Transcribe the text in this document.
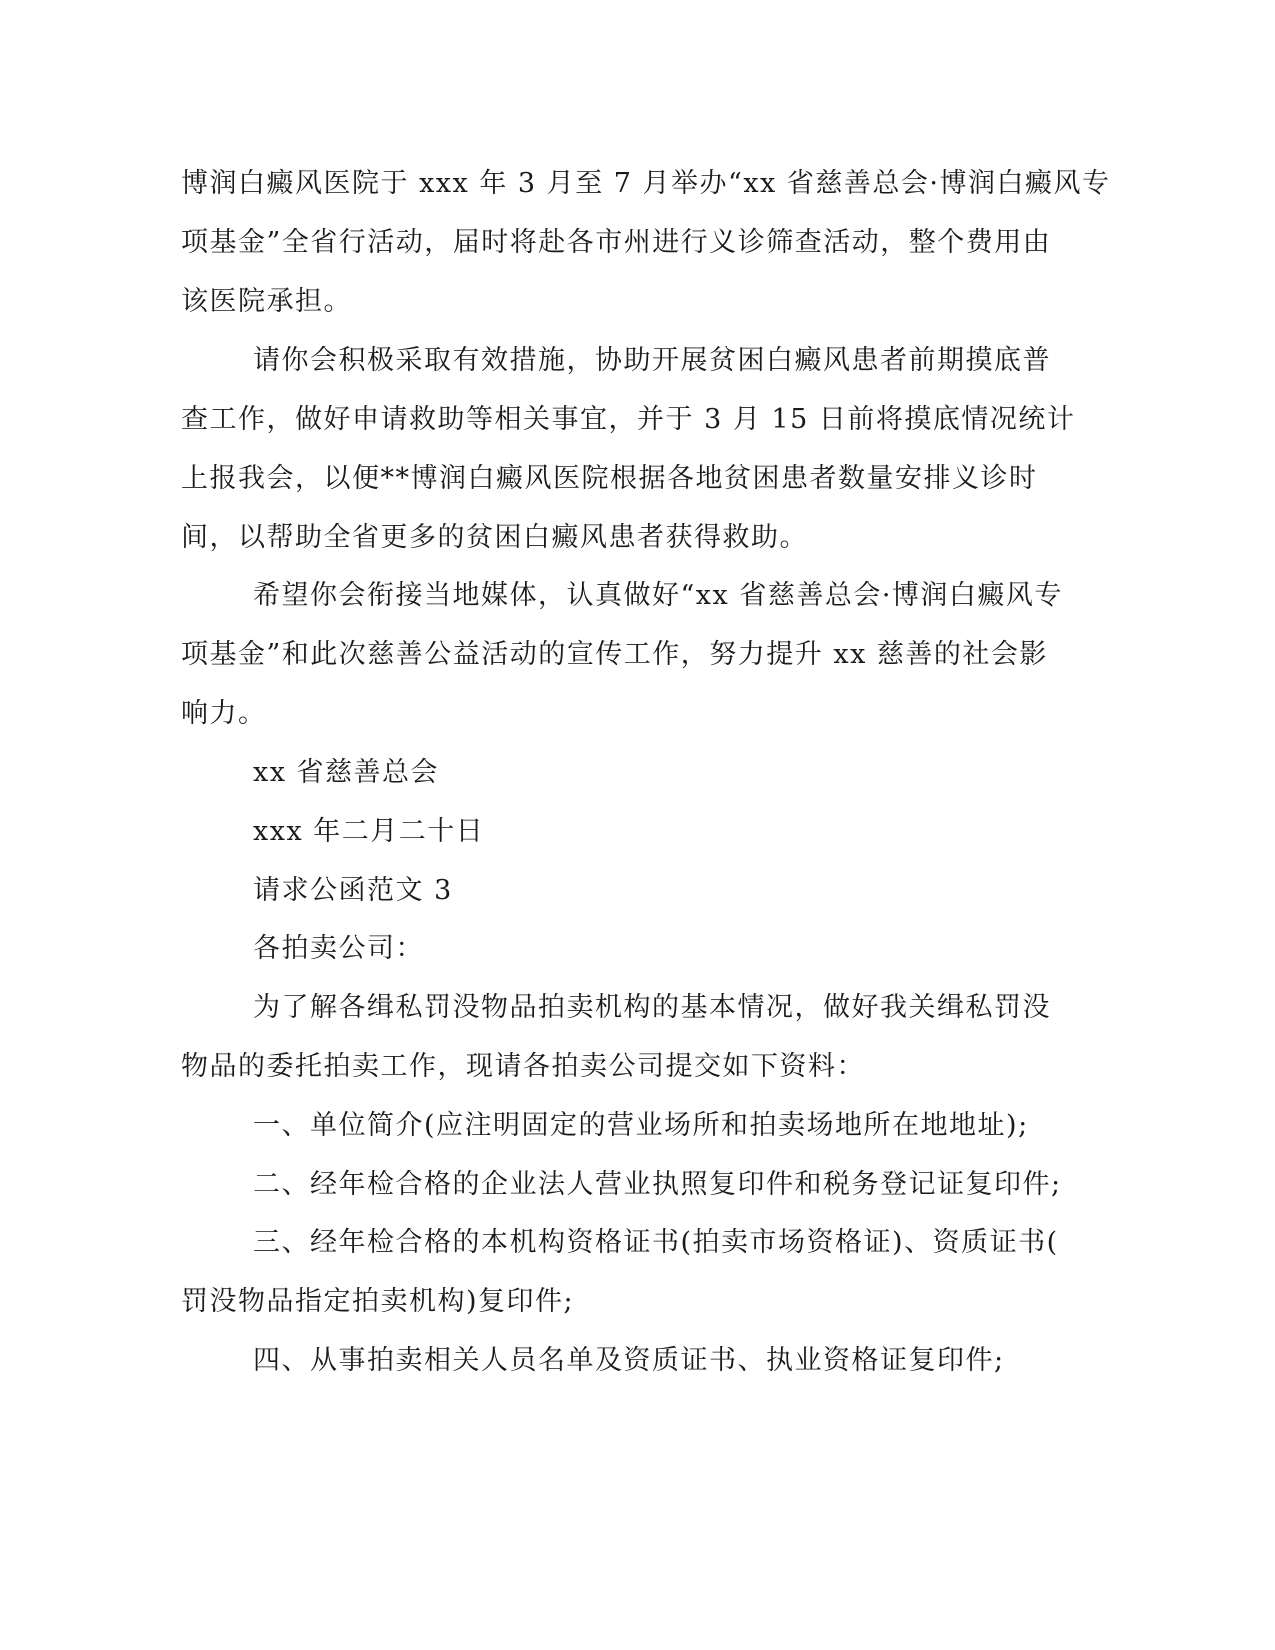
博润白癜风医院于 xxx 年 3 月至 7 月举办“xx 省慈善总会·博润白癜风专
项基金”全省行活动，届时将赴各市州进行义诊筛查活动，整个费用由
该医院承担。
请你会积极采取有效措施，协助开展贫困白癜风患者前期摸底普
查工作，做好申请救助等相关事宜，并于 3 月 15 日前将摸底情况统计
上报我会，以便**博润白癜风医院根据各地贫困患者数量安排义诊时
间，以帮助全省更多的贫困白癜风患者获得救助。
希望你会衔接当地媒体，认真做好“xx 省慈善总会·博润白癜风专
项基金”和此次慈善公益活动的宣传工作，努力提升 xx 慈善的社会影
响力。
xx 省慈善总会
xxx 年二月二十日
请求公函范文 3
各拍卖公司：
为了解各缉私罚没物品拍卖机构的基本情况，做好我关缉私罚没
物品的委托拍卖工作，现请各拍卖公司提交如下资料：
一、单位简介(应注明固定的营业场所和拍卖场地所在地地址);
二、经年检合格的企业法人营业执照复印件和税务登记证复印件;
三、经年检合格的本机构资格证书(拍卖市场资格证)、资质证书(
罚没物品指定拍卖机构)复印件;
四、从事拍卖相关人员名单及资质证书、执业资格证复印件;
